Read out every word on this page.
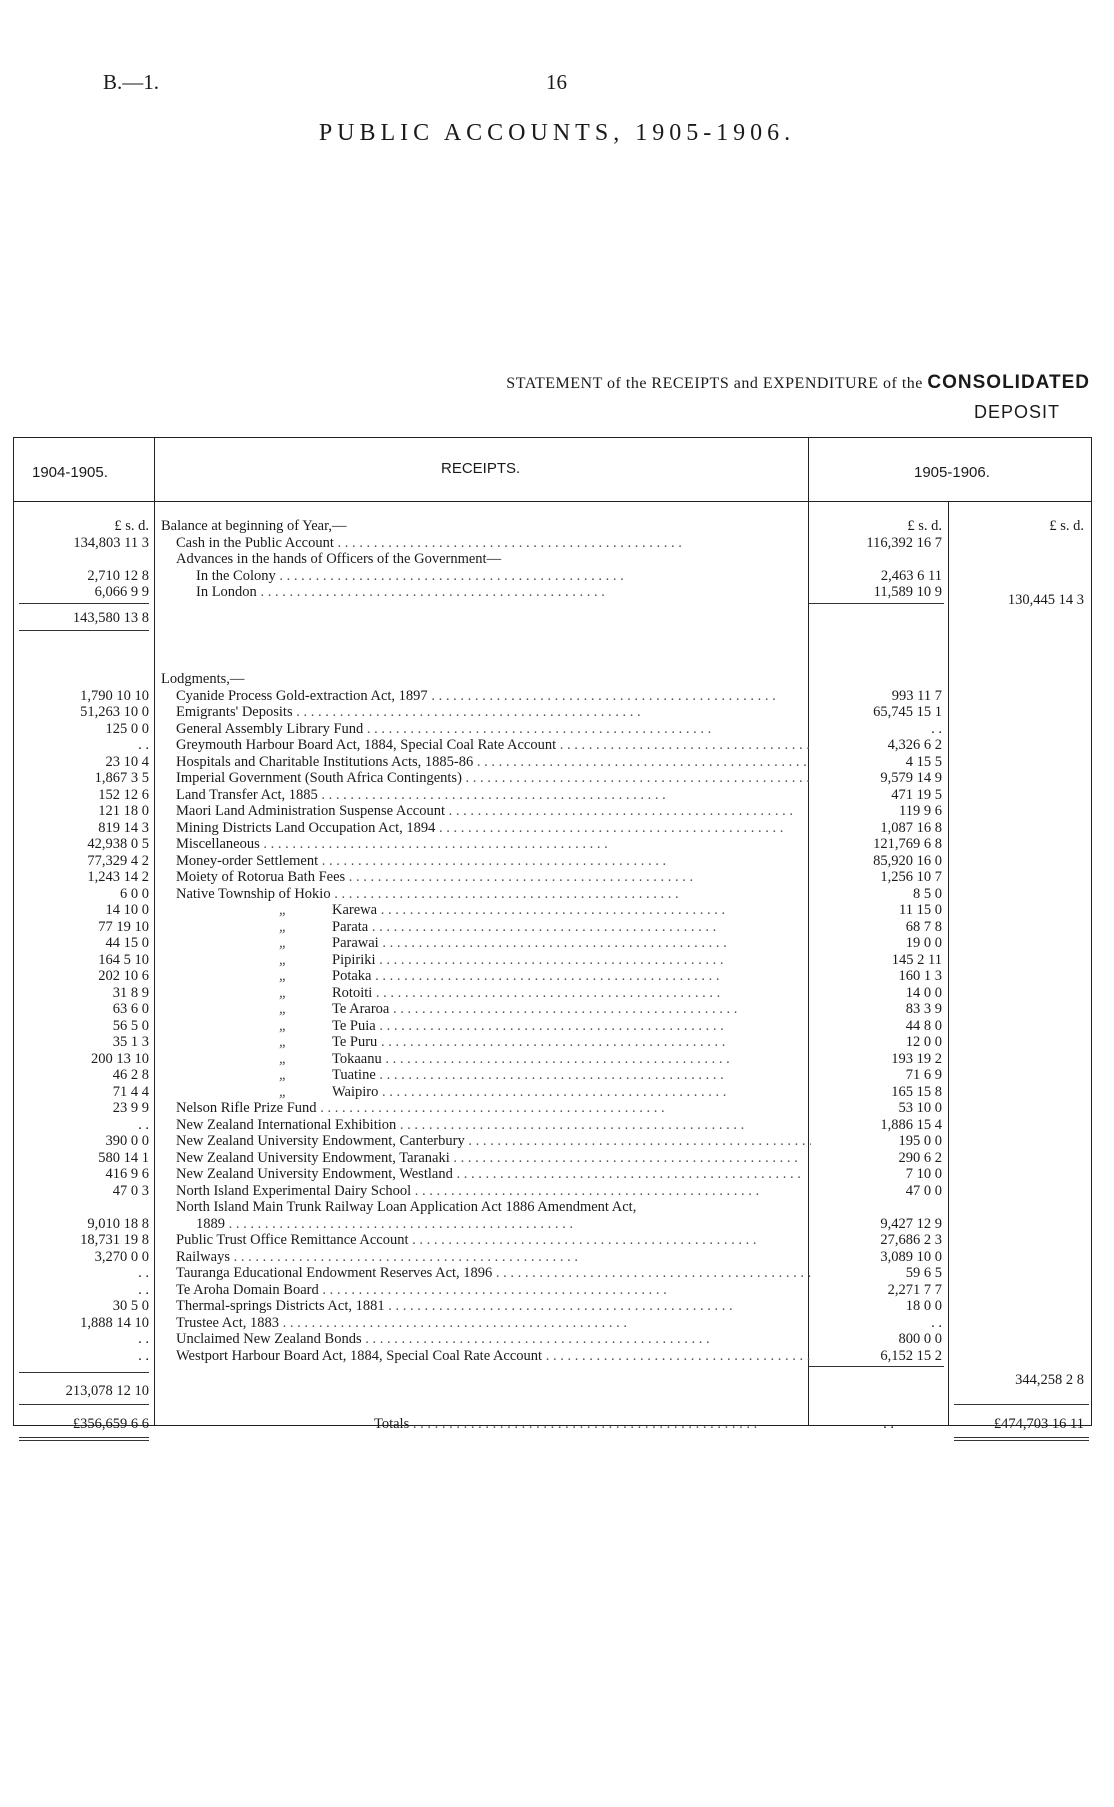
B.—1.	16
PUBLIC ACCOUNTS, 1905-1906.
STATEMENT of the RECEIPTS and EXPENDITURE of the CONSOLIDATED
DEPOSIT
1904-1905.	RECEIPTS.	1905-1906.
£ s. d.	£ s. d.	£ s. d.
Balance at beginning of Year,—
134,803 11 3 Cash in the Public Account . .	116,392 16 7
Advances in the hands of Officers of the Government—
2,710 12 8	In the Colony . .	2,463 6 11
6,066 9 9	In London . .	11,589 10 9	130,445 14 3
143,580 13 8
Lodgments,—
1,790 10 10 Cyanide Process Gold-extraction Act, 1897 . .	993 11 7
51,263 10 0 Emigrants' Deposits . .	65,745 15 1
125 0 0 General Assembly Library Fund . .	. .
. . Greymouth Harbour Board Act, 1884, Special Coal Rate Account . .	4,326 6 2
23 10 4 Hospitals and Charitable Institutions Acts, 1885-86 . .	4 15 5
1,867 3 5 Imperial Government (South Africa Contingents) . .	9,579 14 9
152 12 6 Land Transfer Act, 1885 . .	471 19 5
121 18 0 Maori Land Administration Suspense Account . .	119 9 6
819 14 3 Mining Districts Land Occupation Act, 1894 . .	1,087 16 8
42,938 0 5 Miscellaneous . .	121,769 6 8
77,329 4 2 Money-order Settlement . .	85,920 16 0
1,243 14 2 Moiety of Rotorua Bath Fees . .	1,256 10 7
6 0 0 Native Township of Hokio . .	8 5 0
14 10 0	„	Karewa . .	11 15 0
77 19 10	„	Parata . .	68 7 8
44 15 0	„	Parawai . .	19 0 0
164 5 10	„	Pipiriki . .	145 2 11
202 10 6	„	Potaka . .	160 1 3
31 8 9	„	Rotoiti . .	14 0 0
63 6 0	„	Te Araroa . .	83 3 9
56 5 0	„	Te Puia . .	44 8 0
35 1 3	„	Te Puru . .	12 0 0
200 13 10	„	Tokaanu . .	193 19 2
46 2 8	„	Tuatine . .	71 6 9
71 4 4	„	Waipiro . .	165 15 8
23 9 9 Nelson Rifle Prize Fund . .	53 10 0
. . New Zealand International Exhibition . .	1,886 15 4
390 0 0 New Zealand University Endowment, Canterbury . .	195 0 0
580 14 1 New Zealand University Endowment, Taranaki . .	290 6 2
416 9 6 New Zealand University Endowment, Westland . .	7 10 0
47 0 3 North Island Experimental Dairy School . .	47 0 0
North Island Main Trunk Railway Loan Application Act 1886 Amendment Act,
9,010 18 8	1889 . .	9,427 12 9
18,731 19 8 Public Trust Office Remittance Account . .	27,686 2 3
3,270 0 0 Railways . .	3,089 10 0
. . Tauranga Educational Endowment Reserves Act, 1896 . .	59 6 5
. . Te Aroha Domain Board . .	2,271 7 7
30 5 0 Thermal-springs Districts Act, 1881 . .	18 0 0
1,888 14 10 Trustee Act, 1883 . .	. .
. . Unclaimed New Zealand Bonds . .	800 0 0
. . Westport Harbour Board Act, 1884, Special Coal Rate Account . .	6,152 15 2
344,258 2 8
213,078 12 10
£356,659 6 6	Totals . .	. .	£474,703 16 11
